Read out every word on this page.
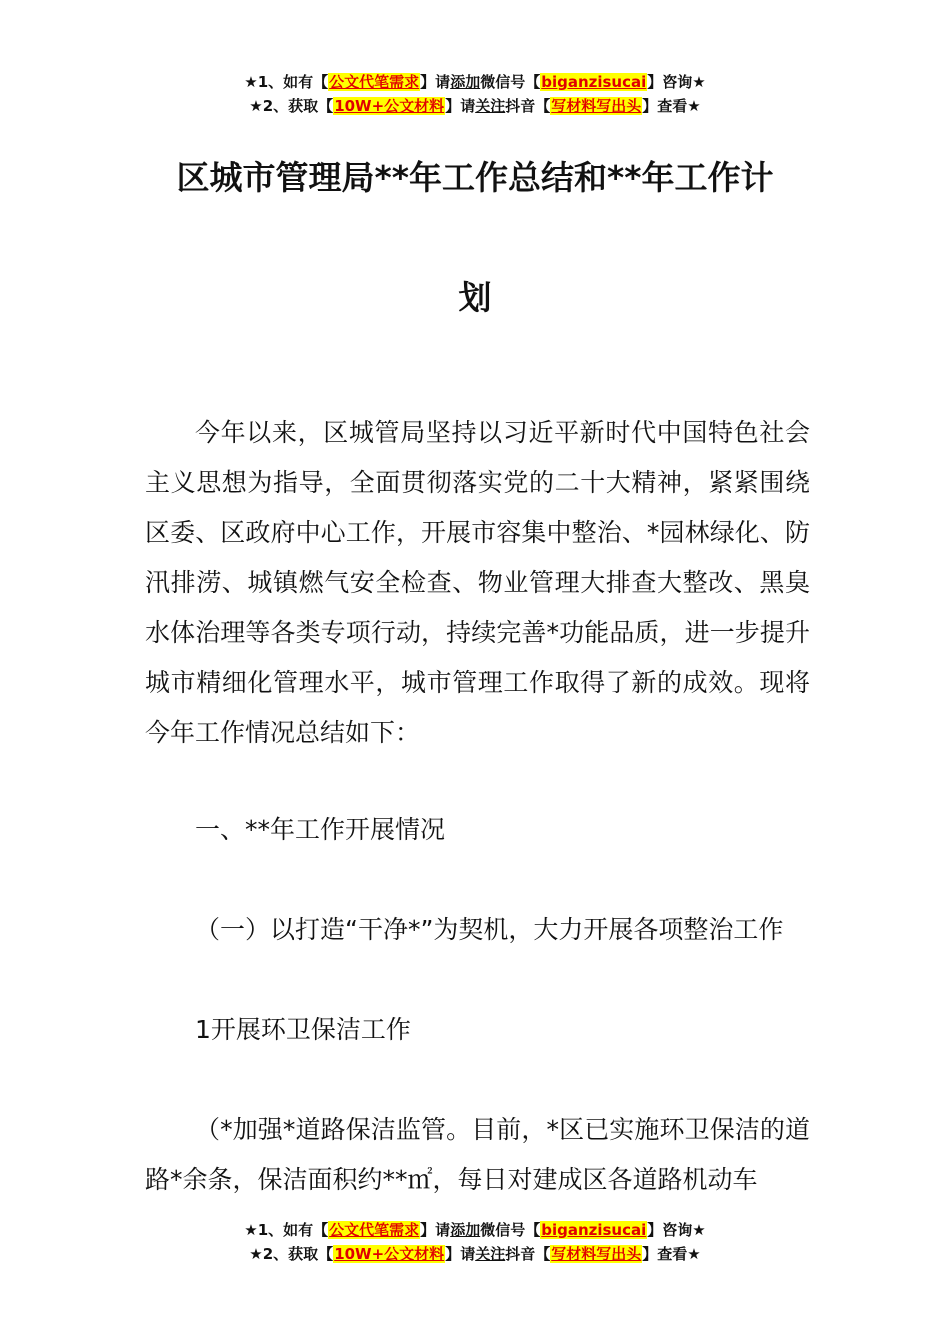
★1、如有【公文代笔需求】请添加微信号【biganzisucai】咨询★
★2、获取【10W+公文材料】请关注抖音【写材料写出头】查看★
区城市管理局**年工作总结和**年工作计
划

今年以来，区城管局坚持以习近平新时代中国特色社会主义思想为指导，全面贯彻落实党的二十大精神，紧紧围绕区委、区政府中心工作，开展市容集中整治、*园林绿化、防汛排涝、城镇燃气安全检查、物业管理大排查大整改、黑臭水体治理等各类专项行动，持续完善*功能品质，进一步提升城市精细化管理水平，城市管理工作取得了新的成效。现将今年工作情况总结如下：

一、**年工作开展情况
（一）以打造“干净*”为契机，大力开展各项整治工作
1开展环卫保洁工作

（*加强*道路保洁监管。目前，*区已实施环卫保洁的道路*余条，保洁面积约**㎡，每日对建成区各道路机动车

★1、如有【公文代笔需求】请添加微信号【biganzisucai】咨询★
★2、获取【10W+公文材料】请关注抖音【写材料写出头】查看★
